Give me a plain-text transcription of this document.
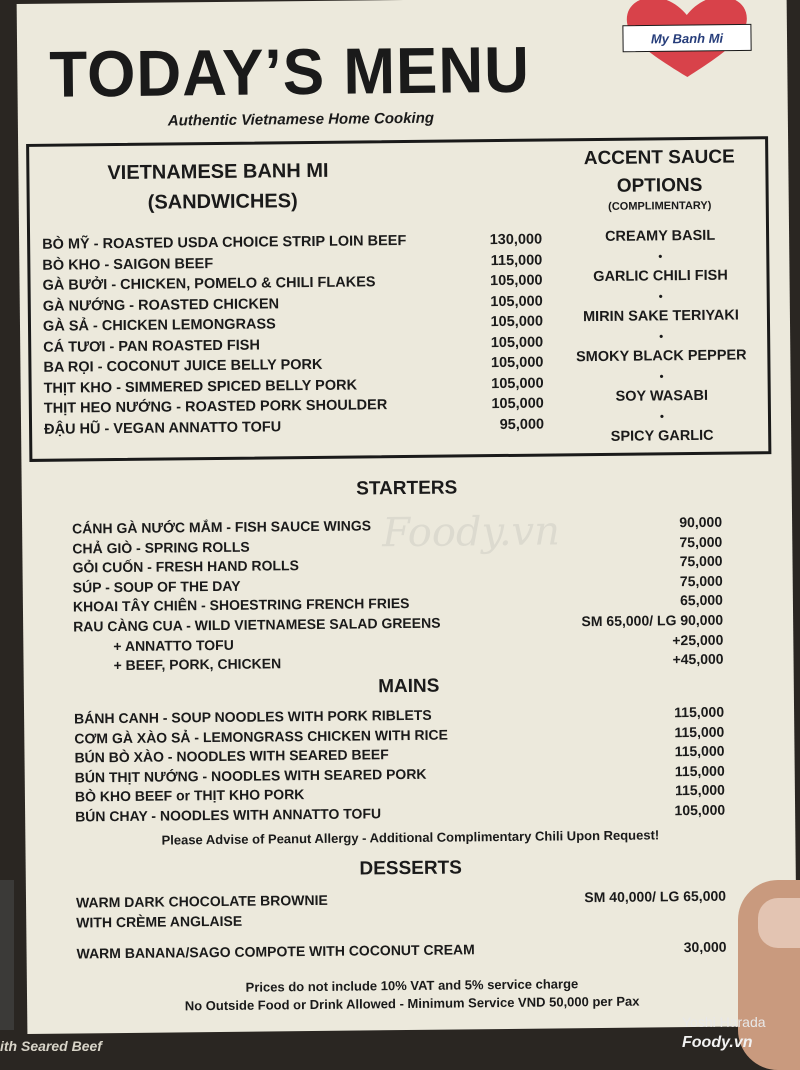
TODAY’S MENU
Authentic Vietnamese Home Cooking
My Banh Mi
VIETNAMESE BANH MI
(SANDWICHES)
BÒ MỸ - ROASTED USDA CHOICE STRIP LOIN BEEF	130,000
BÒ KHO - SAIGON BEEF	115,000
GÀ BƯỞI - CHICKEN, POMELO & CHILI FLAKES	105,000
GÀ NƯỚNG - ROASTED CHICKEN	105,000
GÀ SẢ - CHICKEN LEMONGRASS	105,000
CÁ TƯƠI - PAN ROASTED FISH	105,000
BA RỌI - COCONUT JUICE BELLY PORK	105,000
THỊT KHO - SIMMERED SPICED BELLY PORK	105,000
THỊT HEO NƯỚNG - ROASTED PORK SHOULDER	105,000
ĐẬU HŨ - VEGAN ANNATTO TOFU	95,000
ACCENT SAUCE
OPTIONS
(COMPLIMENTARY)
CREAMY BASIL
•
GARLIC CHILI FISH
•
MIRIN SAKE TERIYAKI
•
SMOKY BLACK PEPPER
•
SOY WASABI
•
SPICY GARLIC
Foody.vn
STARTERS
CÁNH GÀ NƯỚC MẮM - FISH SAUCE WINGS	90,000
CHẢ GIÒ - SPRING ROLLS	75,000
GỎI CUỐN - FRESH HAND ROLLS	75,000
SÚP - SOUP OF THE DAY	75,000
KHOAI TÂY CHIÊN - SHOESTRING FRENCH FRIES	65,000
RAU CÀNG CUA - WILD VIETNAMESE SALAD GREENS	SM 65,000/ LG 90,000
+ ANNATTO TOFU	+25,000
+ BEEF, PORK, CHICKEN	+45,000
MAINS
BÁNH CANH - SOUP NOODLES WITH PORK RIBLETS	115,000
CƠM GÀ XÀO SẢ - LEMONGRASS CHICKEN WITH RICE	115,000
BÚN BÒ XÀO - NOODLES WITH SEARED BEEF	115,000
BÚN THỊT NƯỚNG - NOODLES WITH SEARED PORK	115,000
BÒ KHO BEEF or THỊT KHO PORK	115,000
BÚN CHAY - NOODLES WITH ANNATTO TOFU	105,000
Please Advise of Peanut Allergy - Additional Complimentary Chili Upon Request!
DESSERTS
WARM DARK CHOCOLATE BROWNIE	SM 40,000/ LG 65,000
WITH CRÈME ANGLAISE
WARM BANANA/SAGO COMPOTE WITH COCONUT CREAM	30,000
Prices do not include 10% VAT and 5% service charge
No Outside Food or Drink Allowed - Minimum Service VND 50,000 per Pax
ith Seared Beef
Yoshi Harada
Foody.vn
